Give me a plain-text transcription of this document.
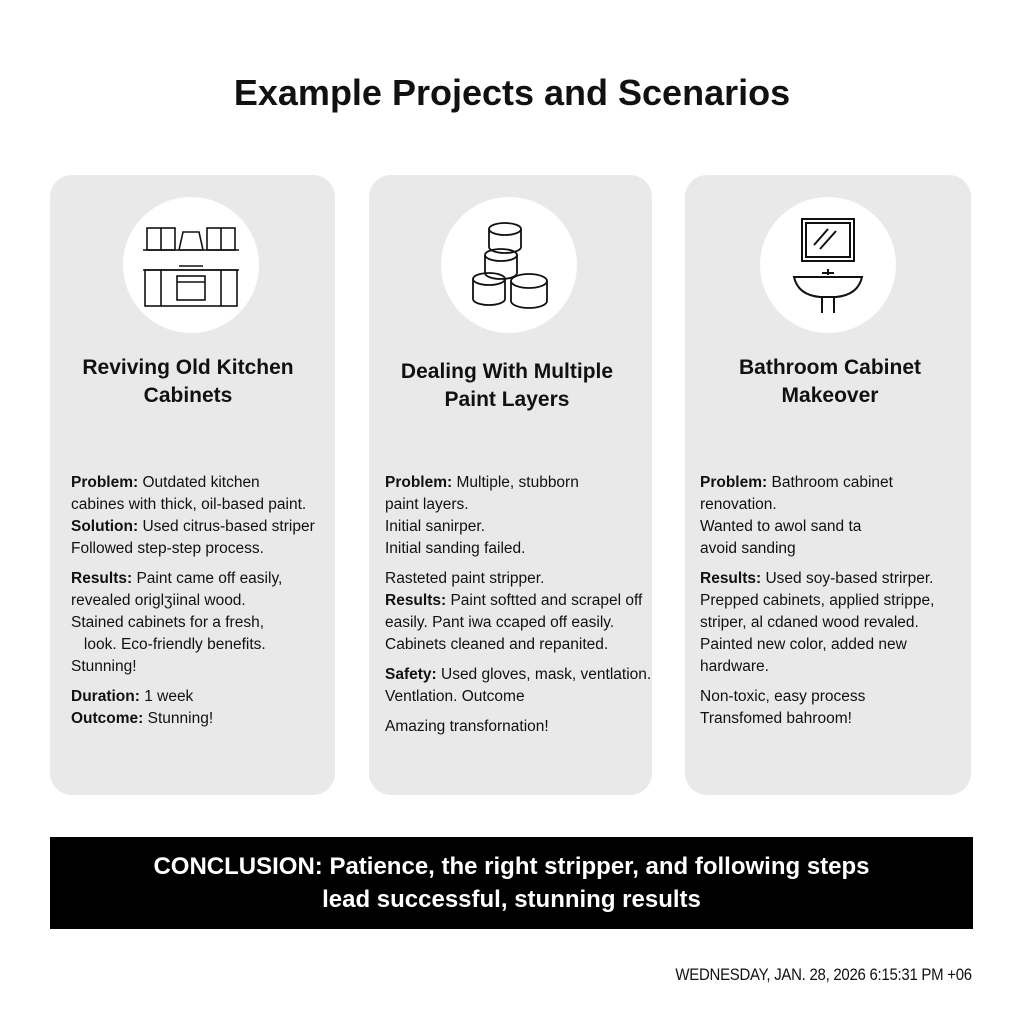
Example Projects and Scenarios
Reviving Old Kitchen
Cabinets
Dealing With Multiple
Paint Layers
Bathroom Cabinet
Makeover
Problem: Outdated kitchen
cabines with thick, oil-based paint.
Solution: Used citrus-based striper
Followed step-step process.
Results: Paint came off easily,
revealed origlʒiinal wood.
Stained cabinets for a fresh,
look. Eco-friendly benefits.
Stunning!
Duration: 1 week
Outcome: Stunning!
Problem: Multiple, stubborn
paint layers.
Initial sanirper.
Initial sanding failed.
Rasteted paint stripper.
Results: Paint softted and scrapel off
easily. Pant iwa ccaped off easily.
Cabinets cleaned and repanited.
Safety: Used gloves, mask, ventlation.
Ventlation. Outcome
Amazing transfornation!
Problem: Bathroom cabinet
renovation.
Wanted to awol sand ta
avoid sanding
Results: Used soy-based strirper.
Prepped cabinets, applied strippe,
striper, al cdaned wood revaled.
Painted new color, added new
hardware.
Non-toxic, easy process
Transfomed bahroom!
CONCLUSION: Patience, the right stripper, and following steps
lead successful, stunning results
WEDNESDAY, JAN. 28, 2026 6:15:31 PM +06
